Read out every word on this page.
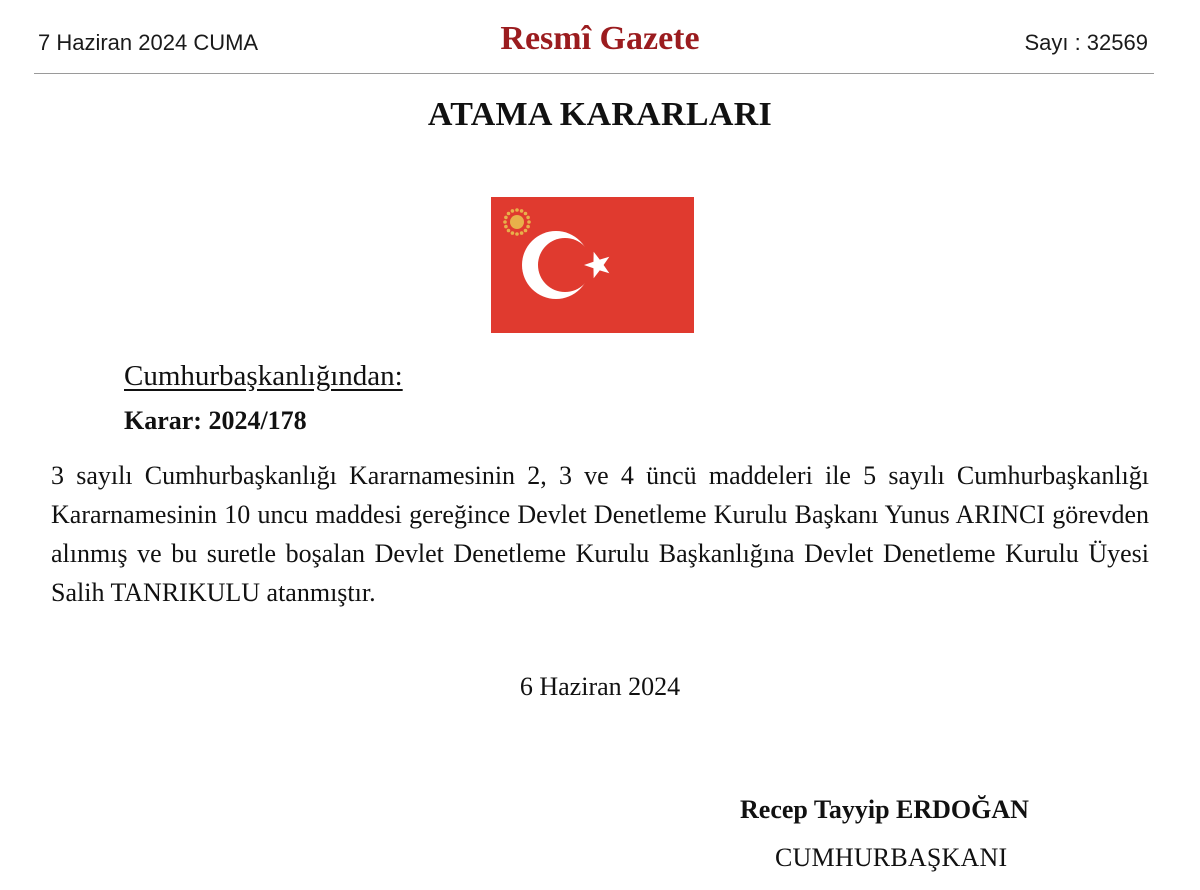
7 Haziran 2024 CUMA	Resmî Gazete	Sayı : 32569
ATAMA KARARLARI
Cumhurbaşkanlığından:
Karar: 2024/178
3 sayılı Cumhurbaşkanlığı Kararnamesinin 2, 3 ve 4 üncü maddeleri ile 5 sayılı Cumhurbaşkanlığı Kararnamesinin 10 uncu maddesi gereğince Devlet Denetleme Kurulu Başkanı Yunus ARINCI görevden alınmış ve bu suretle boşalan Devlet Denetleme Kurulu Başkanlığına Devlet Denetleme Kurulu Üyesi Salih TANRIKULU atanmıştır.
6 Haziran 2024
Recep Tayyip ERDOĞAN
CUMHURBAŞKANI
